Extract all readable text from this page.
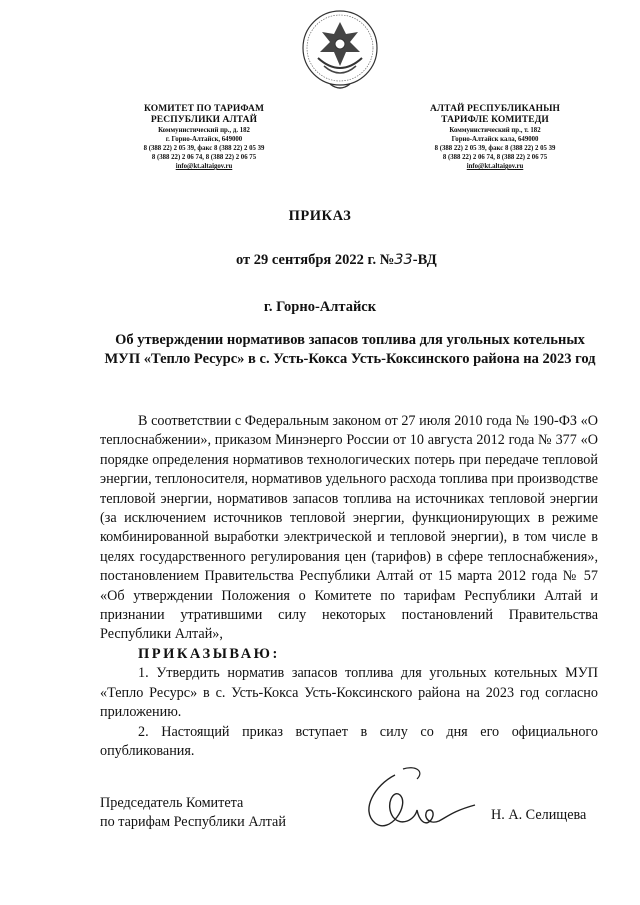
КОМИТЕТ ПО ТАРИФАМ
РЕСПУБЛИКИ АЛТАЙ
Коммунистический пр., д. 182
г. Горно-Алтайск, 649000
8 (388 22) 2 05 39, факс 8 (388 22) 2 05 39
8 (388 22) 2 06 74, 8 (388 22) 2 06 75
info@kt.altaigov.ru
АЛТАЙ РЕСПУБЛИКАНЫН
ТАРИФЛЕ КОМИТЕДИ
Коммунистический пр., т. 182
Горно-Алтайск кала, 649000
8 (388 22) 2 05 39, факс 8 (388 22) 2 05 39
8 (388 22) 2 06 74, 8 (388 22) 2 06 75
info@kt.altaigov.ru
ПРИКАЗ
от 29 сентября 2022 г. №33-ВД
г. Горно-Алтайск
Об утверждении нормативов запасов топлива для угольных котельных МУП «Тепло Ресурс» в с. Усть-Кокса Усть-Коксинского района на 2023 год

В соответствии с Федеральным законом от 27 июля 2010 года № 190-ФЗ «О теплоснабжении», приказом Минэнерго России от 10 августа 2012 года № 377 «О порядке определения нормативов технологических потерь при передаче тепловой энергии, теплоносителя, нормативов удельного расхода топлива при производстве тепловой энергии, нормативов запасов топлива на источниках тепловой энергии (за исключением источников тепловой энергии, функционирующих в режиме комбинированной выработки электрической и тепловой энергии), в том числе в целях государственного регулирования цен (тарифов) в сфере теплоснабжения», постановлением Правительства Республики Алтай от 15 марта 2012 года № 57 «Об утверждении Положения о Комитете по тарифам Республики Алтай и признании утратившими силу некоторых постановлений Правительства Республики Алтай»,

ПРИКАЗЫВАЮ:

1. Утвердить норматив запасов топлива для угольных котельных МУП «Тепло Ресурс» в с. Усть-Кокса Усть-Коксинского района на 2023 год согласно приложению.

2. Настоящий приказ вступает в силу со дня его официального опубликования.

Председатель Комитета
по тарифам Республики Алтай	Н. А. Селищева
